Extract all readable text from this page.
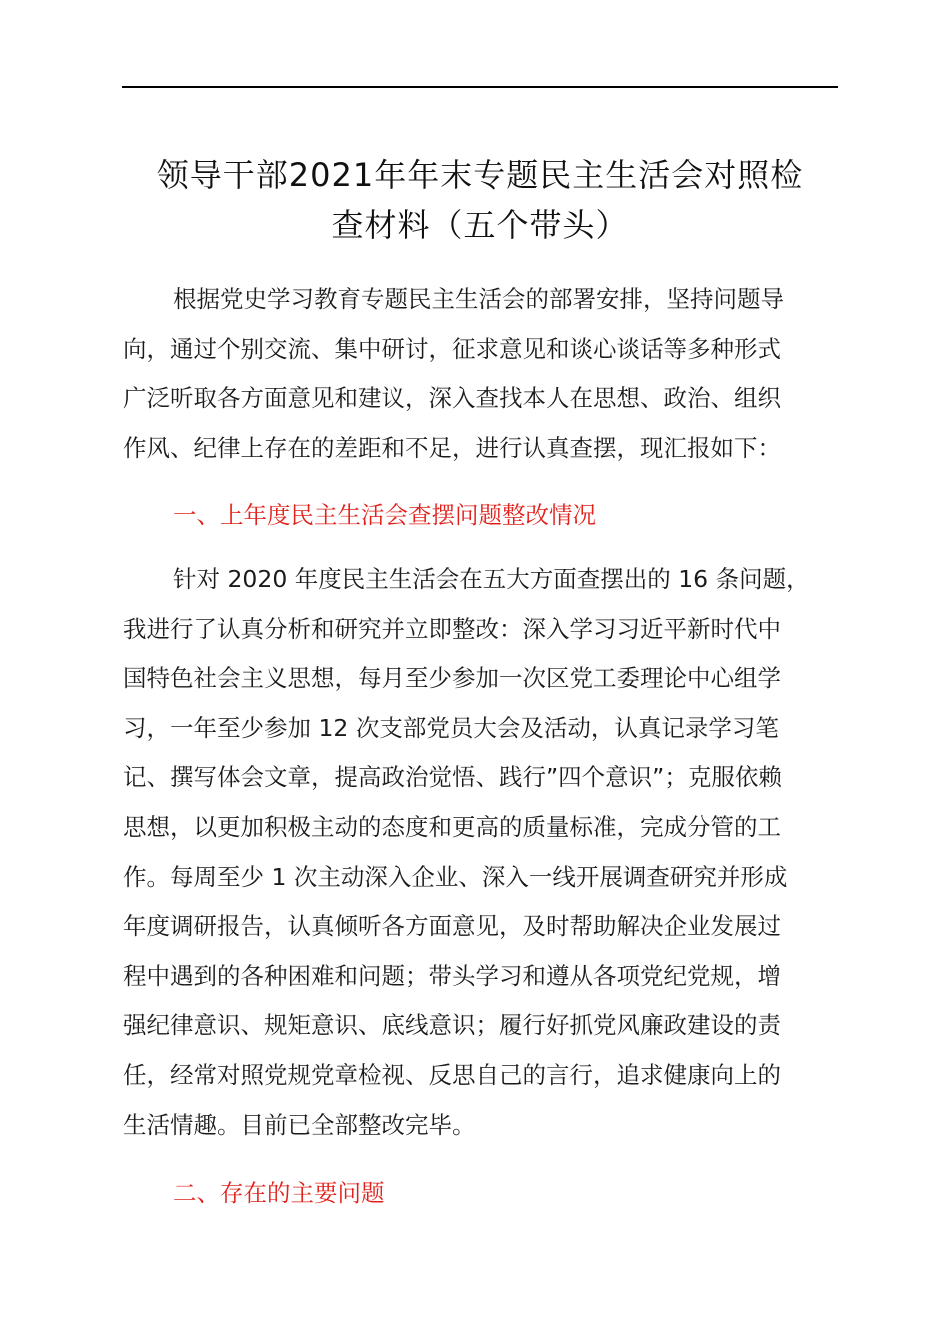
领导干部2021年年末专题民主生活会对照检
查材料（五个带头）
根据党史学习教育专题民主生活会的部署安排，坚持问题导
向，通过个别交流、集中研讨，征求意见和谈心谈话等多种形式
广泛听取各方面意见和建议，深入查找本人在思想、政治、组织
作风、纪律上存在的差距和不足，进行认真查摆，现汇报如下：
一、上年度民主生活会查摆问题整改情况
针对 2020 年度民主生活会在五大方面查摆出的 16 条问题，
我进行了认真分析和研究并立即整改：深入学习习近平新时代中
国特色社会主义思想，每月至少参加一次区党工委理论中心组学
习，一年至少参加 12 次支部党员大会及活动，认真记录学习笔
记、撰写体会文章，提高政治觉悟、践行”四个意识”；克服依赖
思想，以更加积极主动的态度和更高的质量标准，完成分管的工
作。每周至少 1 次主动深入企业、深入一线开展调查研究并形成
年度调研报告，认真倾听各方面意见，及时帮助解决企业发展过
程中遇到的各种困难和问题；带头学习和遵从各项党纪党规，增
强纪律意识、规矩意识、底线意识；履行好抓党风廉政建设的责
任，经常对照党规党章检视、反思自己的言行，追求健康向上的
生活情趣。目前已全部整改完毕。
二、存在的主要问题
